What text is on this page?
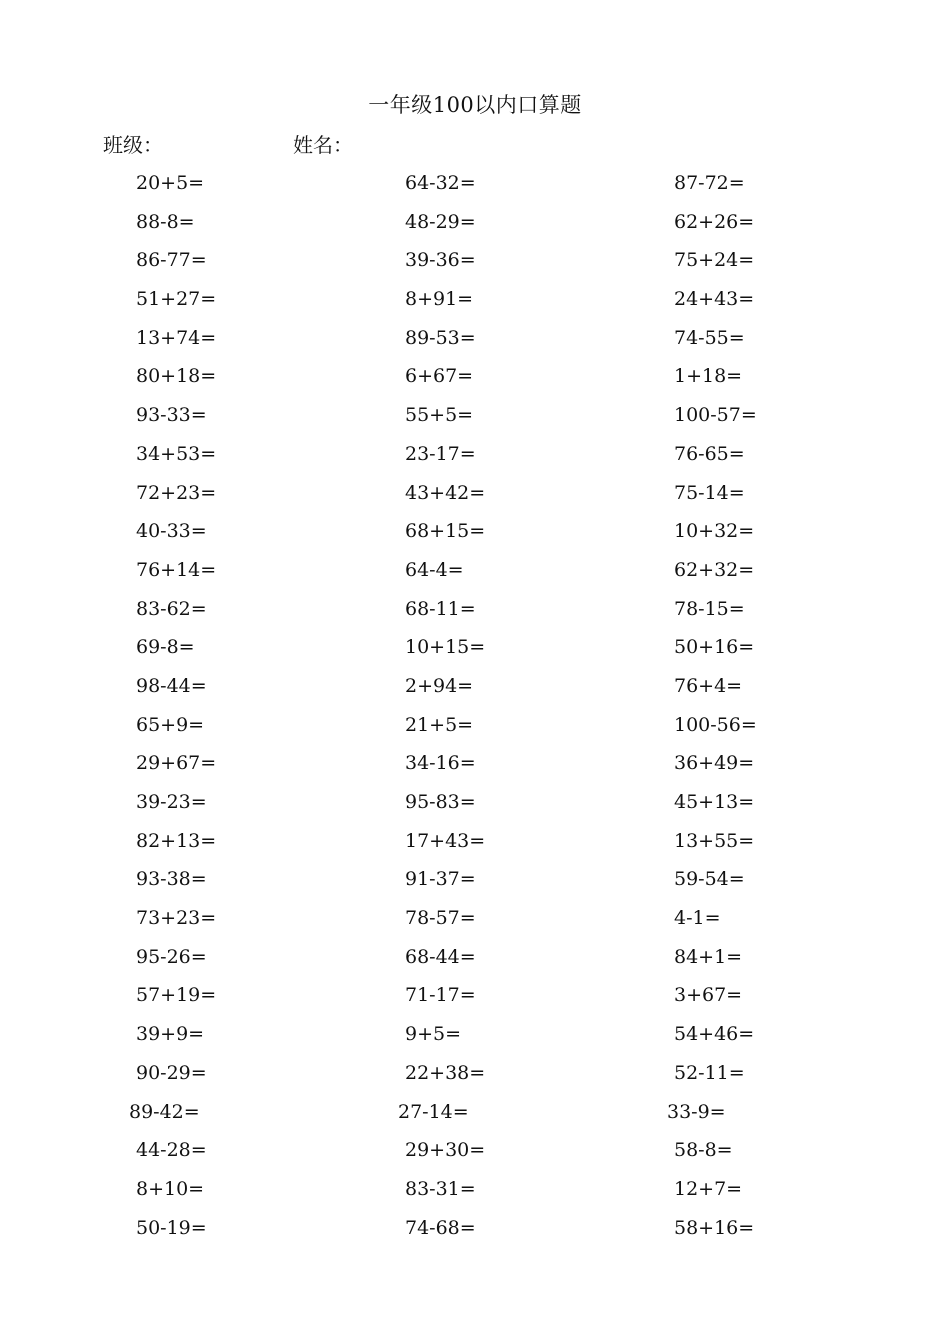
一年级100以内口算题
班级：	姓名：
20+5=	64-32=	87-72=
88-8=	48-29=	62+26=
86-77=	39-36=	75+24=
51+27=	8+91=	24+43=
13+74=	89-53=	74-55=
80+18=	6+67=	1+18=
93-33=	55+5=	100-57=
34+53=	23-17=	76-65=
72+23=	43+42=	75-14=
40-33=	68+15=	10+32=
76+14=	64-4=	62+32=
83-62=	68-11=	78-15=
69-8=	10+15=	50+16=
98-44=	2+94=	76+4=
65+9=	21+5=	100-56=
29+67=	34-16=	36+49=
39-23=	95-83=	45+13=
82+13=	17+43=	13+55=
93-38=	91-37=	59-54=
73+23=	78-57=	4-1=
95-26=	68-44=	84+1=
57+19=	71-17=	3+67=
39+9=	9+5=	54+46=
90-29=	22+38=	52-11=
89-42=	27-14=	33-9=
44-28=	29+30=	58-8=
8+10=	83-31=	12+7=
50-19=	74-68=	58+16=
